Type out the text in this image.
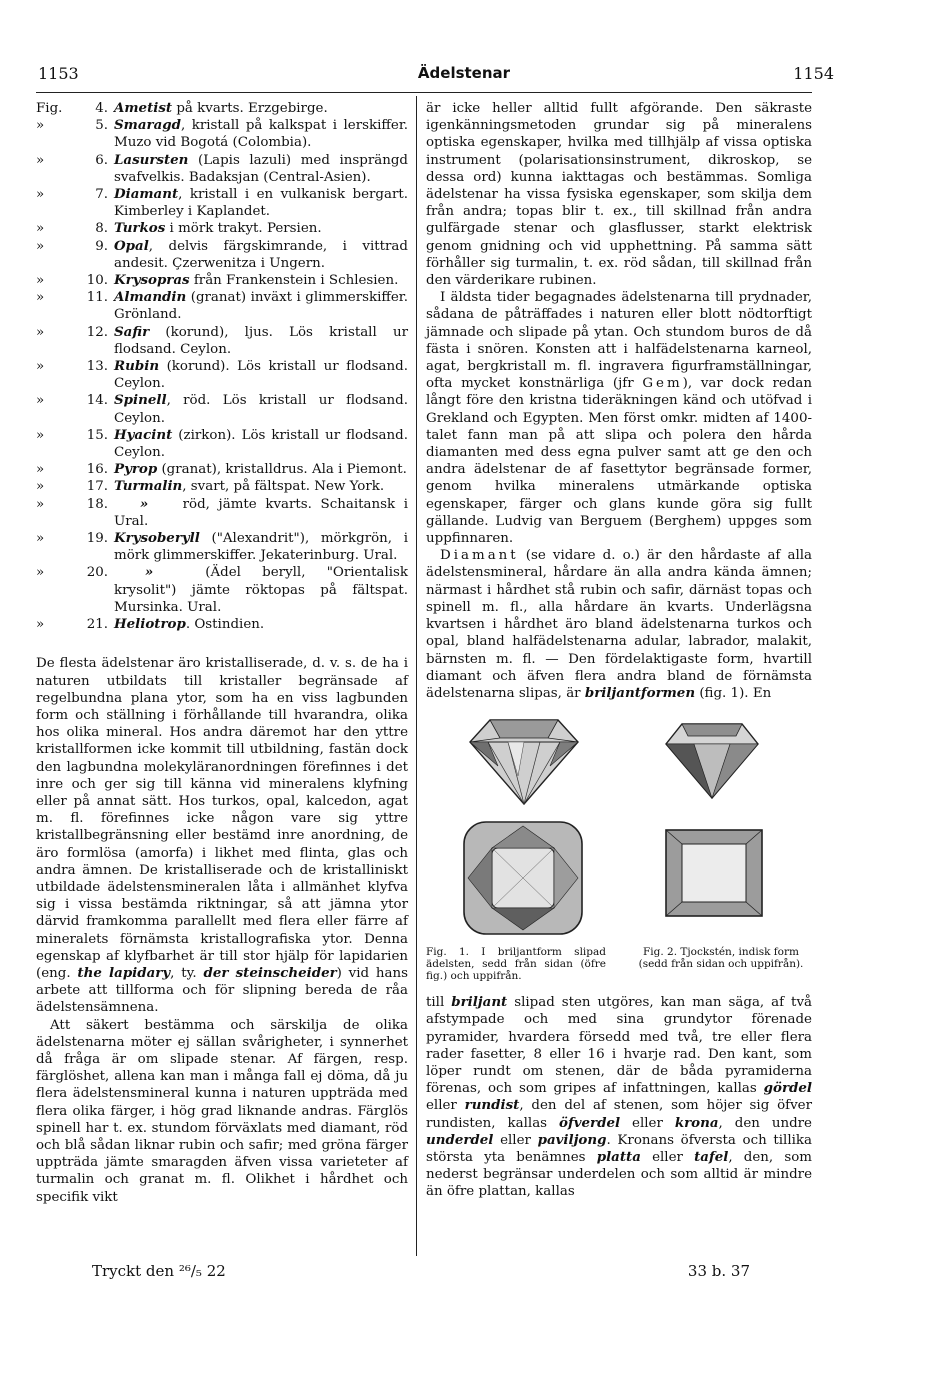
1153	Ädelstenar	1154
Fig.	4. Ametist på kvarts. Erzgebirge.
»	5. Smaragd, kristall på kalkspat i lerskiffer. Muzo vid Bogotá (Colombia).
»	6. Lasursten (Lapis lazuli) med insprängd svafvelkis. Badaksjan (Central-Asien).
»	7. Diamant, kristall i en vulkanisk bergart. Kimberley i Kaplandet.
»	8. Turkos i mörk trakyt. Persien.
»	9. Opal, delvis färgskimrande, i vittrad andesit. Çzerwenitza i Ungern.
»	10. Krysopras från Frankenstein i Schlesien.
»	11. Almandin (granat) inväxt i glimmerskiffer. Grönland.
»	12. Safir (korund), ljus. Lös kristall ur flodsand. Ceylon.
»	13. Rubin (korund). Lös kristall ur flodsand. Ceylon.
»	14. Spinell, röd. Lös kristall ur flodsand. Ceylon.
»	15. Hyacint (zirkon). Lös kristall ur flodsand. Ceylon.
»	16. Pyrop (granat), kristalldrus. Ala i Piemont.
»	17. Turmalin, svart, på fältspat. New York.
»	18.	» röd, jämte kvarts. Schaitansk i Ural.
»	19. Krysoberyll ("Alexandrit"), mörkgrön, i mörk glimmerskiffer. Jekaterinburg. Ural.
»	20.	» (Ädel beryll, "Orientalisk krysolit") jämte röktopas på fältspat. Mursinka. Ural.
»	21. Heliotrop. Ostindien.

De flesta ädelstenar äro kristalliserade, d. v. s. de ha i naturen utbildats till kristaller begränsade af regelbundna plana ytor, som ha en viss lagbunden form och ställning i förhållande till hvarandra, olika hos olika mineral. Hos andra däremot har den yttre kristallformen icke kommit till utbildning, fastän dock den lagbundna molekyläranordningen förefinnes i det inre och ger sig till känna vid mineralens klyfning eller på annat sätt. Hos turkos, opal, kalcedon, agat m. fl. förefinnes icke någon vare sig yttre kristallbegränsning eller bestämd inre anordning, de äro formlösa (amorfa) i likhet med flinta, glas och andra ämnen. De kristalliserade och de kristalliniskt utbildade ädelstensmineralen låta i allmänhet klyfva sig i vissa bestämda riktningar, så att jämna ytor därvid framkomma parallellt med flera eller färre af mineralets förnämsta kristallografiska ytor. Denna egenskap af klyfbarhet är till stor hjälp för lapidarien (eng. the lapidary, ty. der steinscheider) vid hans arbete att tillforma och för slipning bereda de råa ädelstensämnena.

Att säkert bestämma och särskilja de olika ädelstenarna möter ej sällan svårigheter, i synnerhet då fråga är om slipade stenar. Af färgen, resp. färglöshet, allena kan man i många fall ej döma, då ju flera ädelstensmineral kunna i naturen uppträda med flera olika färger, i hög grad liknande andras. Färglös spinell har t. ex. stundom förväxlats med diamant, röd och blå sådan liknar rubin och safir; med gröna färger uppträda jämte smaragden äfven vissa varieteter af turmalin och granat m. fl. Olikhet i hårdhet och specifik vikt

är icke heller alltid fullt afgörande. Den säkraste igenkänningsmetoden grundar sig på mineralens optiska egenskaper, hvilka med tillhjälp af vissa optiska instrument (polarisationsinstrument, dikroskop, se dessa ord) kunna iakttagas och bestämmas. Somliga ädelstenar ha vissa fysiska egenskaper, som skilja dem från andra; topas blir t. ex., till skillnad från andra gulfärgade stenar och glasflusser, starkt elektrisk genom gnidning och vid upphettning. På samma sätt förhåller sig turmalin, t. ex. röd sådan, till skillnad från den värderikare rubinen.

I äldsta tider begagnades ädelstenarna till prydnader, sådana de påträffades i naturen eller blott nödtorftigt jämnade och slipade på ytan. Och stundom buros de då fästa i snören. Konsten att i halfädelstenarna karneol, agat, bergkristall m. fl. ingravera figurframställningar, ofta mycket konstnärliga (jfr Gem), var dock redan långt före den kristna tideräkningen känd och utöfvad i Grekland och Egypten. Men först omkr. midten af 1400-talet fann man på att slipa och polera den hårda diamanten med dess egna pulver samt att ge den och andra ädelstenar de af fasettytor begränsade former, genom hvilka mineralens utmärkande optiska egenskaper, färger och glans kunde göra sig fullt gällande. Ludvig van Berguem (Berghem) uppges som uppfinnaren.

Diamant (se vidare d. o.) är den hårdaste af alla ädelstensmineral, hårdare än alla andra kända ämnen; närmast i hårdhet stå rubin och safir, därnäst topas och spinell m. fl., alla hårdare än kvarts. Underlägsna kvartsen i hårdhet äro bland ädelstenarna turkos och opal, bland halfädelstenarna adular, labrador, malakit, bärnsten m. fl. — Den fördelaktigaste form, hvartill diamant och äfven flera andra bland de förnämsta ädelstenarna slipas, är briljantformen (fig. 1). En

Fig. 1. I briljantform slipad ädelsten, sedd från sidan (öfre fig.) och uppifrån.
Fig. 2. Tjockstén, indisk form (sedd från sidan och uppifrån).

till briljant slipad sten utgöres, kan man säga, af två afstympade och med sina grundytor förenade pyramider, hvardera försedd med två, tre eller flera rader fasetter, 8 eller 16 i hvarje rad. Den kant, som löper rundt om stenen, där de båda pyramiderna förenas, och som gripes af infattningen, kallas gördel eller rundist, den del af stenen, som höjer sig öfver rundisten, kallas öfverdel eller krona, den undre underdel eller paviljong. Kronans öfversta och tillika största yta benämnes platta eller tafel, den, som nederst begränsar underdelen och som alltid är mindre än öfre plattan, kallas

Tryckt den ²⁶/₅ 22	33 b. 37
